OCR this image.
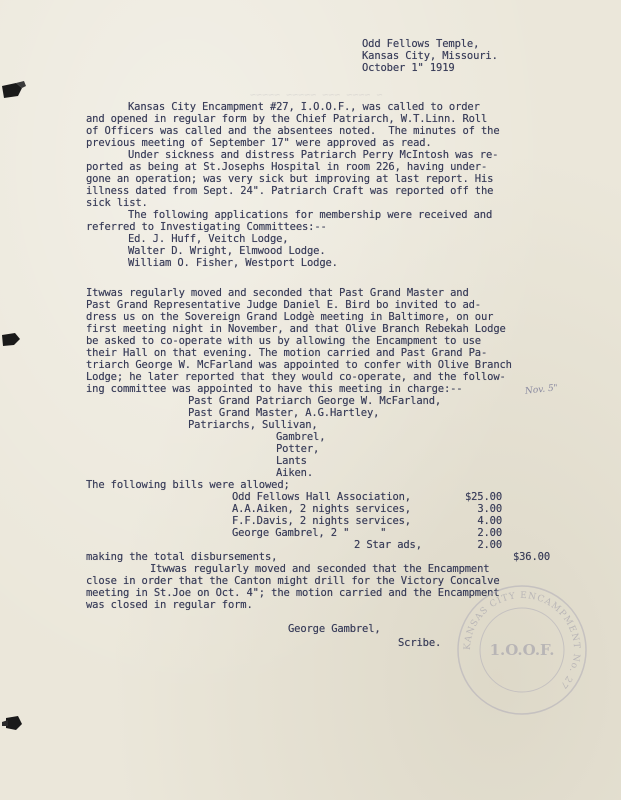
~ ~~~~ ~~~ ~~~~~ ~~~~~
Odd Fellows Temple,
Kansas City, Missouri.
October 1" 1919
Kansas City Encampment #27, I.O.O.F., was called to order
and opened in regular form by the Chief Patriarch, W.T.Linn. Roll
of Officers was called and the absentees noted.  The minutes of the
previous meeting of September 17" were approved as read.
Under sickness and distress Patriarch Perry McIntosh was re-
ported as being at St.Josephs Hospital in room 226, having under-
gone an operation; was very sick but improving at last report. His
illness dated from Sept. 24". Patriarch Craft was reported off the
sick list.
The following applications for membership were received and
referred to Investigating Committees:--
Ed. J. Huff, Veitch Lodge,
Walter D. Wright, Elmwood Lodge.
William O. Fisher, Westport Lodge.
Itwwas regularly moved and seconded that Past Grand Master and
Past Grand Representative Judge Daniel E. Bird bo invited to ad-
dress us on the Sovereign Grand Lodgè meeting in Baltimore, on our
first meeting night in November, and that Olive Branch Rebekah Lodge
be asked to co-operate with us by allowing the Encampment to use
their Hall on that evening. The motion carried and Past Grand Pa-
triarch George W. McFarland was appointed to confer with Olive Branch
Lodge; he later reported that they would co-operate, and the follow-
ing committee was appointed to have this meeting in charge:--	Nov. 5"
Past Grand Patriarch George W. McFarland,
Past Grand Master, A.G.Hartley,
Patriarchs, Sullivan,
Gambrel,
Potter,
Lants
Aiken.
The following bills were allowed;
Odd Fellows Hall Association,	$25.00
A.A.Aiken, 2 nights services,	3.00
F.F.Davis, 2 nights services,	4.00
George Gambrel, 2 "     "	2.00
2 Star ads,	2.00
making the total disbursements,	$36.00
Itwwas regularly moved and seconded that the Encampment
close in order that the Canton might drill for the Victory Concalve
meeting in St.Joe on Oct. 4"; the motion carried and the Encampment
was closed in regular form.
George Gambrel,
Scribe. KANSAS CITY ENCAMPMENT No. 27
1.O.O.F.
